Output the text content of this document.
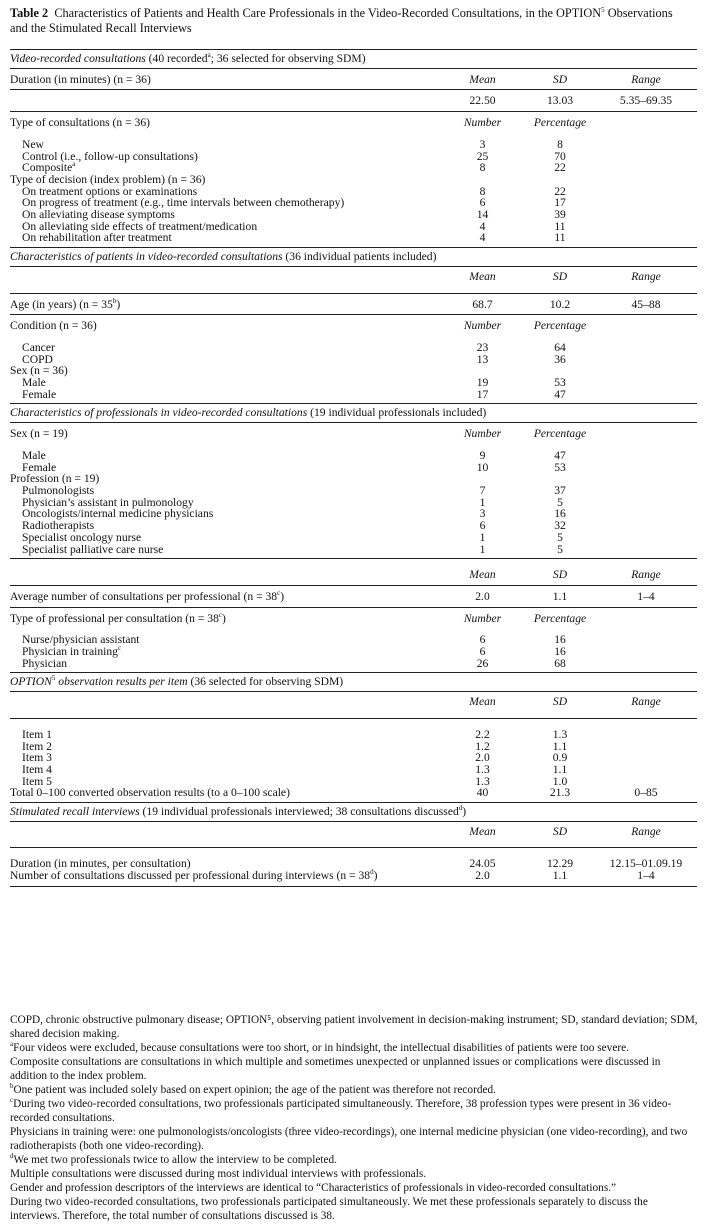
Table 2 Characteristics of Patients and Health Care Professionals in the Video-Recorded Consultations, in the OPTION$^5$ Observations and the Stimulated Recall Interviews
Video-recorded consultations (40 recorded$^a$; 36 selected for observing SDM)
Duration (in minutes) (n = 36)	Mean	SD	Range
22.50	13.03	5.35–69.35
Type of consultations (n = 36)	Number	Percentage
New	3	8
Control (i.e., follow-up consultations)	25	70
Composite$^a$	8	22
Type of decision (index problem) (n = 36)
On treatment options or examinations	8	22
On progress of treatment (e.g., time intervals between chemotherapy)	6	17
On alleviating disease symptoms	14	39
On alleviating side effects of treatment/medication	4	11
On rehabilitation after treatment	4	11
Characteristics of patients in video-recorded consultations (36 individual patients included)
Mean	SD	Range
Age (in years) $(n = 35^b)$	68.7	10.2	45–88
Condition (n = 36)	Number	Percentage
Cancer	23	64
COPD	13	36
Sex (n = 36)
Male	19	53
Female	17	47
Characteristics of professionals in video-recorded consultations (19 individual professionals included)
Sex (n = 19)	Number	Percentage
Male	9	47
Female	10	53
Profession (n = 19)
Pulmonologists	7	37
Physician’s assistant in pulmonology	1	5
Oncologists/internal medicine physicians	3	16
Radiotherapists	6	32
Specialist oncology nurse	1	5
Specialist palliative care nurse	1	5
Mean	SD	Range
Average number of consultations per professional $(n = 38^c)$	2.0	1.1	1–4
Type of professional per consultation $(n = 38^c)$	Number	Percentage
Nurse/physician assistant	6	16
Physician in training$^c$	6	16
Physician	26	68
OPTION$^5$ observation results per item (36 selected for observing SDM)
Mean	SD	Range
Item 1	2.2	1.3
Item 2	1.2	1.1
Item 3	2.0	0.9
Item 4	1.3	1.1
Item 5	1.3	1.0
Total 0–100 converted observation results (to a 0–100 scale)	40	21.3	0–85
Stimulated recall interviews (19 individual professionals interviewed; 38 consultations discussed$^d$)
Mean	SD	Range
Duration (in minutes, per consultation)	24.05	12.29	12.15–01.09.19
Number of consultations discussed per professional during interviews $(n = 38^d)$	2.0	1.1	1–4

COPD, chronic obstructive pulmonary disease; OPTION⁵, observing patient involvement in decision-making instrument; SD, standard deviation; SDM, shared decision making.

$^a$Four videos were excluded, because consultations were too short, or in hindsight, the intellectual disabilities of patients were too severe.

Composite consultations are consultations in which multiple and sometimes unexpected or unplanned issues or complications were discussed in addition to the index problem.

$^b$One patient was included solely based on expert opinion; the age of the patient was therefore not recorded.

$^c$During two video-recorded consultations, two professionals participated simultaneously. Therefore, 38 profession types were present in 36 video-recorded consultations.

Physicians in training were: one pulmonologists/oncologists (three video-recordings), one internal medicine physician (one video-recording), and two radiotherapists (both one video-recording).

$^d$We met two professionals twice to allow the interview to be completed.

Multiple consultations were discussed during most individual interviews with professionals.

Gender and profession descriptors of the interviews are identical to “Characteristics of professionals in video-recorded consultations.”

During two video-recorded consultations, two professionals participated simultaneously. We met these professionals separately to discuss the interviews. Therefore, the total number of consultations discussed is 38.
